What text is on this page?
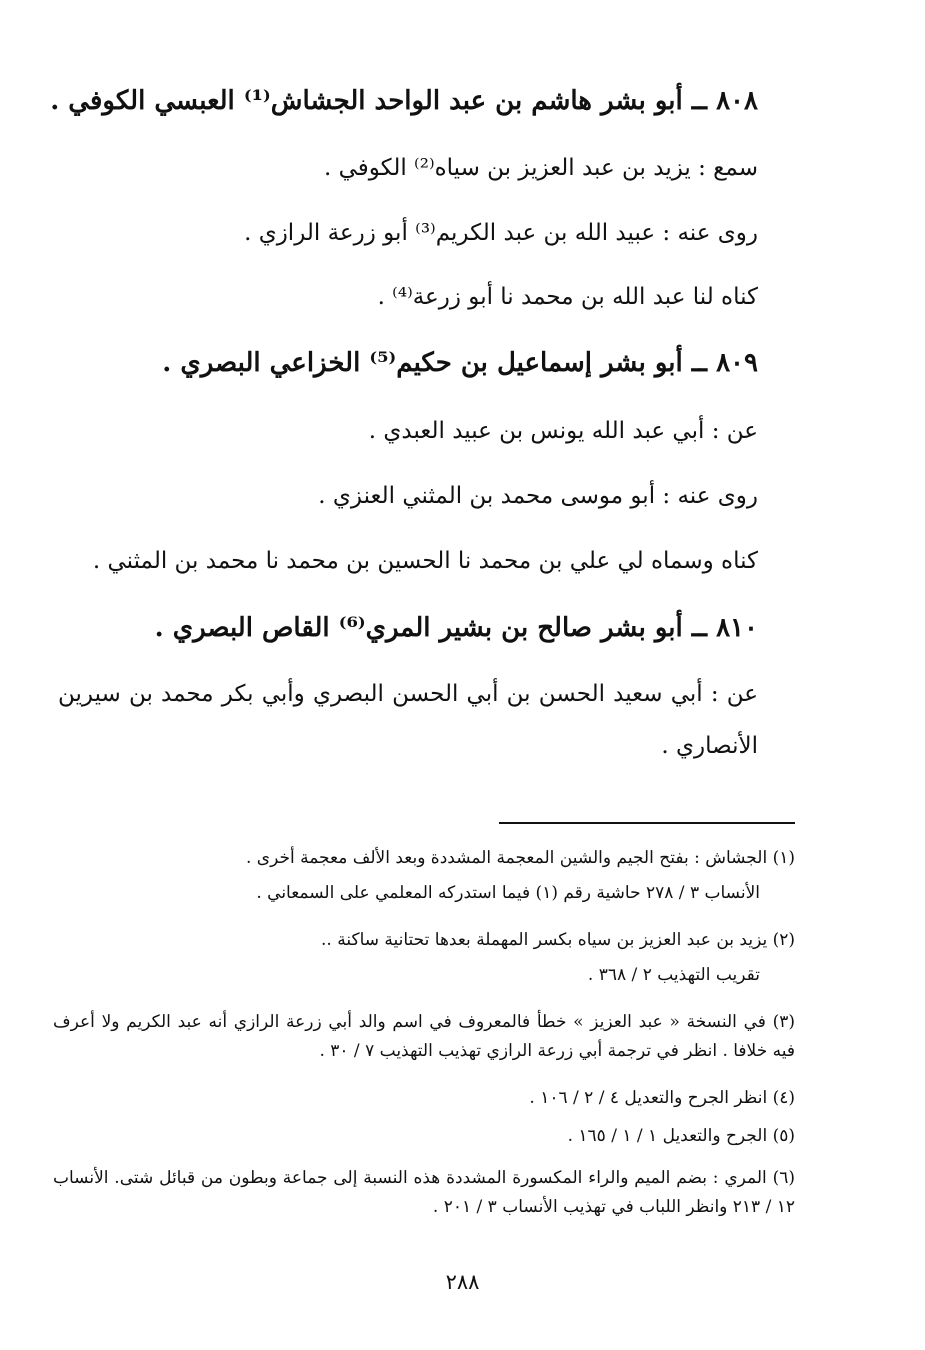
٨٠٨ ــ أبو بشر هاشم بن عبد الواحد الجشاش⁽¹⁾ العبسي الكوفي .
سمع : يزيد بن عبد العزيز بن سياه⁽²⁾ الكوفي .
روى عنه : عبيد الله بن عبد الكريم⁽³⁾ أبو زرعة الرازي .
كناه لنا عبد الله بن محمد نا أبو زرعة⁽⁴⁾ .
٨٠٩ ــ أبو بشر إسماعيل بن حكيم⁽⁵⁾ الخزاعي البصري .
عن : أبي عبد الله يونس بن عبيد العبدي .
روى عنه : أبو موسى محمد بن المثني العنزي .
كناه وسماه لي علي بن محمد نا الحسين بن محمد نا محمد بن المثني .
٨١٠ ــ أبو بشر صالح بن بشير المري⁽⁶⁾ القاص البصري .
عن : أبي سعيد الحسن بن أبي الحسن البصري وأبي بكر محمد بن سيرين الأنصاري .
(١) الجشاش : بفتح الجيم والشين المعجمة المشددة وبعد الألف معجمة أخرى .
الأنساب ٣ / ٢٧٨ حاشية رقم (١) فيما استدركه المعلمي على السمعاني .
(٢) يزيد بن عبد العزيز بن سياه بكسر المهملة بعدها تحتانية ساكنة ..
تقريب التهذيب ٢ / ٣٦٨ .
(٣) في النسخة « عبد العزيز » خطأ فالمعروف في اسم والد أبي زرعة الرازي أنه عبد الكريم ولا أعرف فيه خلافا . انظر في ترجمة أبي زرعة الرازي تهذيب التهذيب ٧ / ٣٠ .
(٤) انظر الجرح والتعديل ٤ / ٢ / ١٠٦ .
(٥) الجرح والتعديل ١ / ١ / ١٦٥ .
(٦) المري : بضم الميم والراء المكسورة المشددة هذه النسبة إلى جماعة وبطون من قبائل شتى. الأنساب ١٢ / ٢١٣ وانظر اللباب في تهذيب الأنساب ٣ / ٢٠١ .
٢٨٨
